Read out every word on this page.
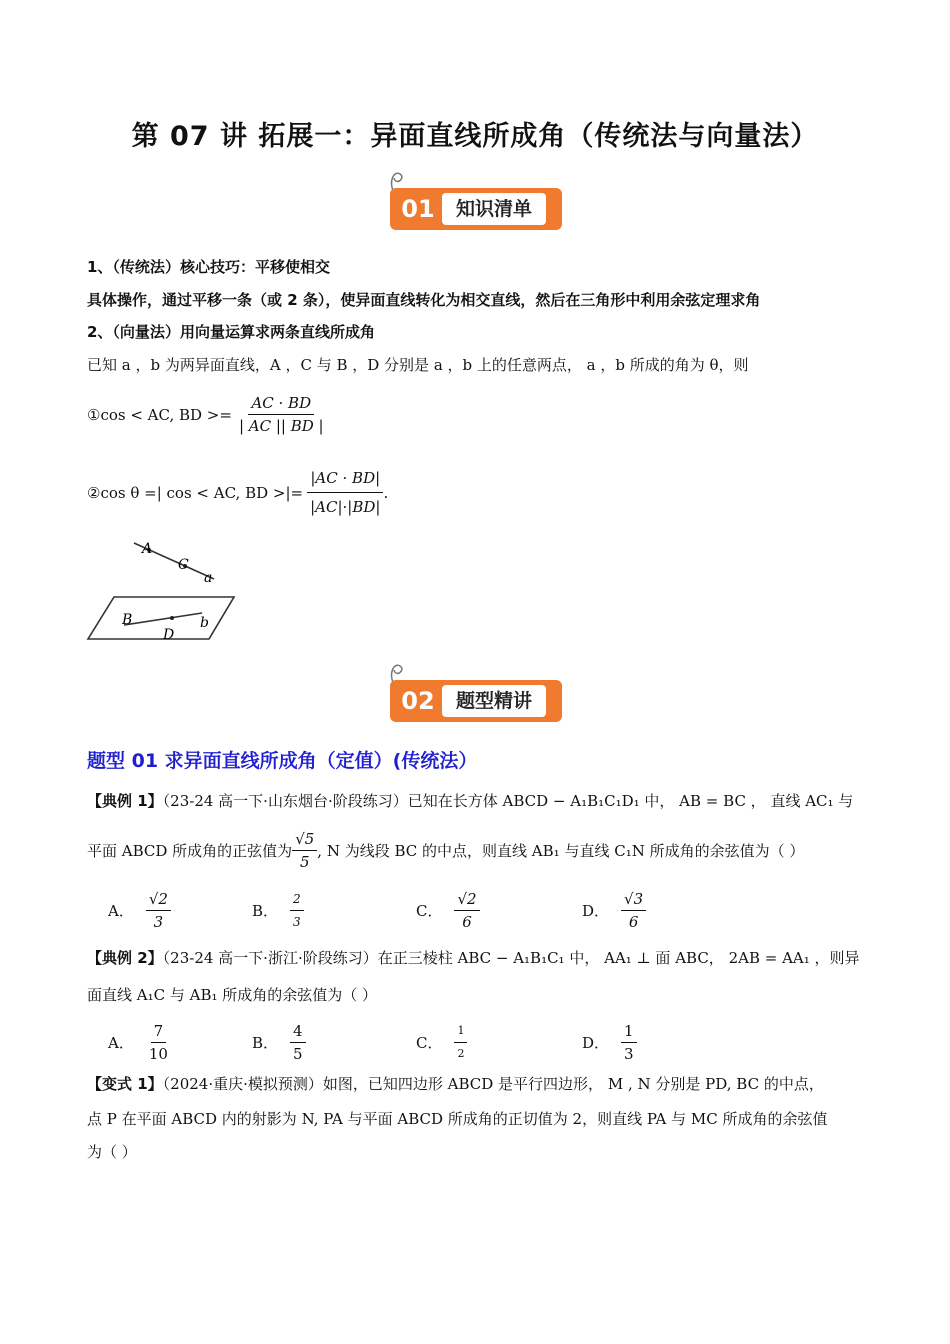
第 07 讲 拓展一：异面直线所成角（传统法与向量法）
01	知识清单
1、（传统法）核心技巧：平移使相交
具体操作，通过平移一条（或 2 条），使异面直线转化为相交直线，然后在三角形中利用余弦定理求角
2、（向量法）用向量运算求两条直线所成角
已知 a ，b 为两异面直线，A ，C 与 B ，D 分别是 a ，b 上的任意两点， a ，b 所成的角为 θ，则
①cos < AC, BD >= $\frac{AC \cdot BD}{| AC || BD |}$
②cos θ =| cos < AC, BD >|= $\frac{|AC \cdot BD|}{|AC|\cdot|BD|}$ .
A
C
a
B
D
b
02	题型精讲
题型 01 求异面直线所成角（定值）(传统法）
【典例 1】（23-24 高一下·山东烟台·阶段练习）已知在长方体 ABCD − A₁B₁C₁D₁ 中， AB = BC ， 直线 AC₁ 与
平面 ABCD 所成角的正弦值为 $\frac{√5}{5}$ , N 为线段 BC 的中点，则直线 AB₁ 与直线 C₁N 所成角的余弦值为（ ）
A． $\frac{√2}{3}$	B． $\frac{2}{3}$	C． $\frac{√2}{6}$	D． $\frac{√3}{6}$
【典例 2】（23-24 高一下·浙江·阶段练习）在正三棱柱 ABC − A₁B₁C₁ 中， AA₁ ⊥ 面 ABC， 2AB = AA₁ ，则异
面直线 A₁C 与 AB₁ 所成角的余弦值为（ ）
A． $\frac{7}{10}$	B． $\frac{4}{5}$	C． $\frac{1}{2}$	D． $\frac{1}{3}$
【变式 1】（2024·重庆·模拟预测）如图，已知四边形 ABCD 是平行四边形， M , N 分别是 PD, BC 的中点，
点 P 在平面 ABCD 内的射影为 N, PA 与平面 ABCD 所成角的正切值为 2，则直线 PA 与 MC 所成角的余弦值
为（ ）
